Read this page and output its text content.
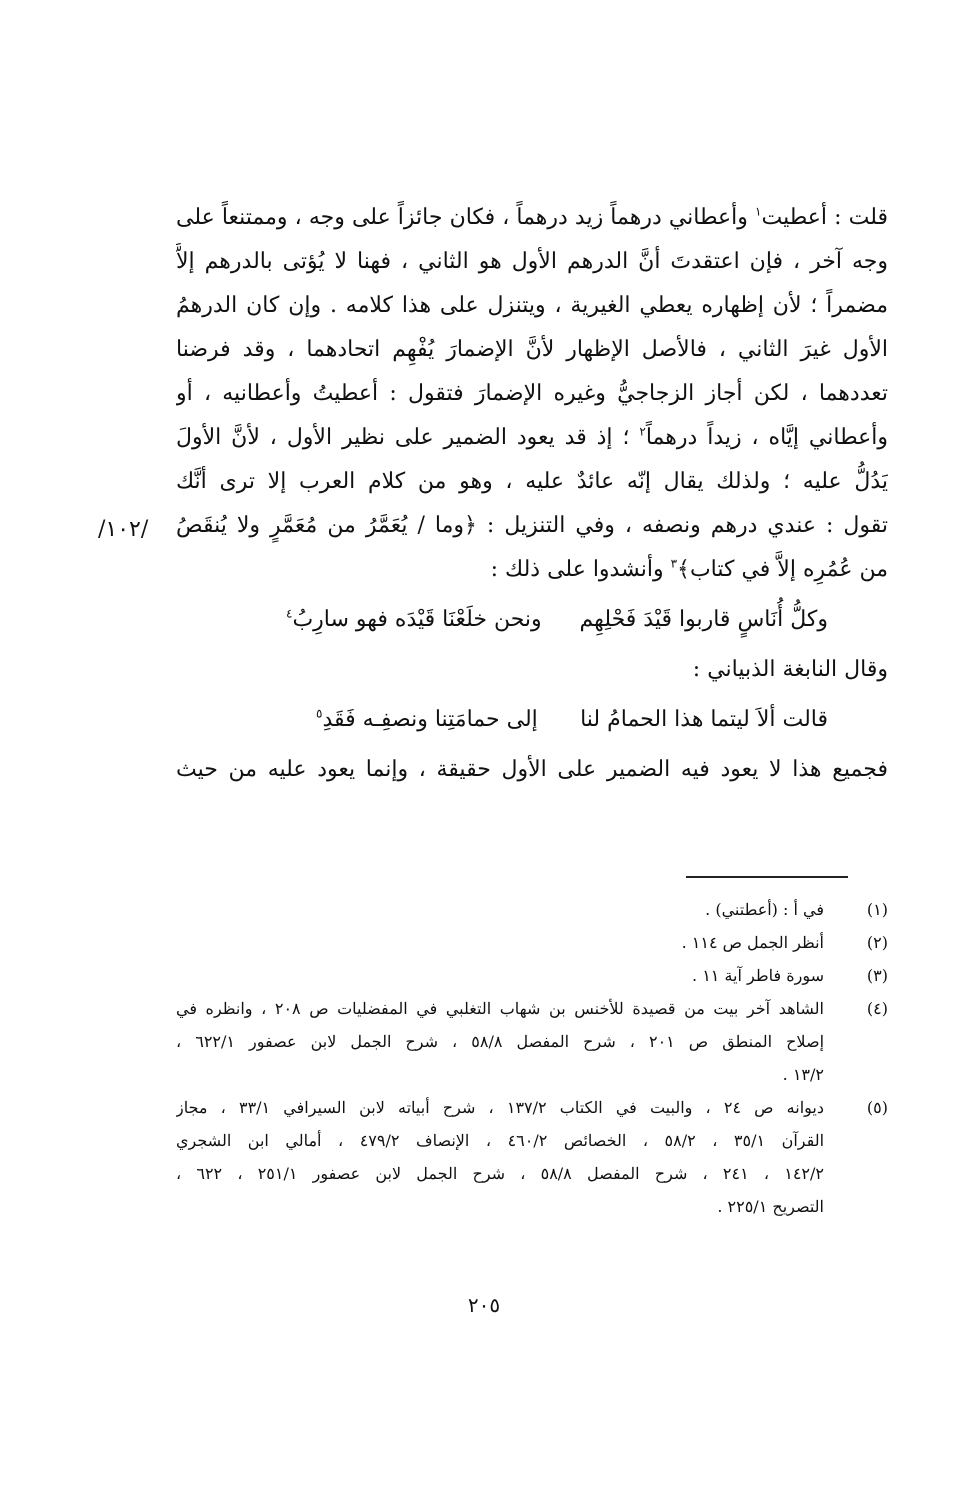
قلت : أعطيت$^١$ وأعطاني درهماً زيد درهماً ، فكان جائزاً على وجه ، وممتنعاً على
وجه آخر ، فإن اعتقدتَ أنَّ الدرهم الأول هو الثاني ، فهنا لا يُؤتى بالدرهم إلاَّ
مضمراً ؛ لأن إظهاره يعطي الغيرية ، ويتنزل على هذا كلامه . وإن كان الدرهمُ
الأول غيرَ الثاني ، فالأصل الإظهار لأنَّ الإضمارَ يُفْهِم اتحادهما ، وقد فرضنا
تعددهما ، لكن أجاز الزجاجيُّ وغيره الإضمارَ فتقول : أعطيتُ وأعطانيه ، أو
وأعطاني إيَّاه ، زيداً درهماً$^٢$ ؛ إذ قد يعود الضمير على نظير الأول ، لأنَّ الأولَ
يَدُلُّ عليه ؛ ولذلك يقال إنّه عائدٌ عليه ، وهو من كلام العرب إلا ترى أنَّك
تقول : عندي درهم ونصفه ، وفي التنزيل : ﴿وما / يُعَمَّرُ من مُعَمَّرٍ ولا يُنقَصُ
من عُمُرِه إلاَّ في كتاب﴾$^٣$ وأنشدوا على ذلك :
وكلُّ أُنَاسٍ قاربوا قَيْدَ فَحْلِهِم
ونحن خلَعْنَا قَيْدَه فهو سارِبُ$^٤$
وقال النابغة الذبياني :
قالت ألاَ ليتما هذا الحمامُ لنا
إلى حمامَتِنا ونصفِـه فَقَدِ$^٥$
فجميع هذا لا يعود فيه الضمير على الأول حقيقة ، وإنما يعود عليه من حيث
/١٠٢/
(١)
في أ : (أعطتني) .
(٢)
أنظر الجمل ص ١١٤ .
(٣)
سورة فاطر آية ١١ .
(٤)
الشاهد آخر بيت من قصيدة للأخنس بن شهاب التغلبي في المفضليات ص ٢٠٨ ، وانظره في
إصلاح المنطق ص ٢٠١ ، شرح المفصل ٥٨/٨ ، شرح الجمل لابن عصفور ٦٢٢/١ ،
١٣/٢ .
(٥)
ديوانه ص ٢٤ ، والبيت في الكتاب ١٣٧/٢ ، شرح أبياته لابن السيرافي ٣٣/١ ، مجاز
القرآن ٣٥/١ ، ٥٨/٢ ، الخصائص ٤٦٠/٢ ، الإنصاف ٤٧٩/٢ ، أمالي ابن الشجري
١٤٢/٢ ، ٢٤١ ، شرح المفصل ٥٨/٨ ، شرح الجمل لابن عصفور ٢٥١/١ ، ٦٢٢ ،
التصريح ٢٢٥/١ .
٢٠٥
